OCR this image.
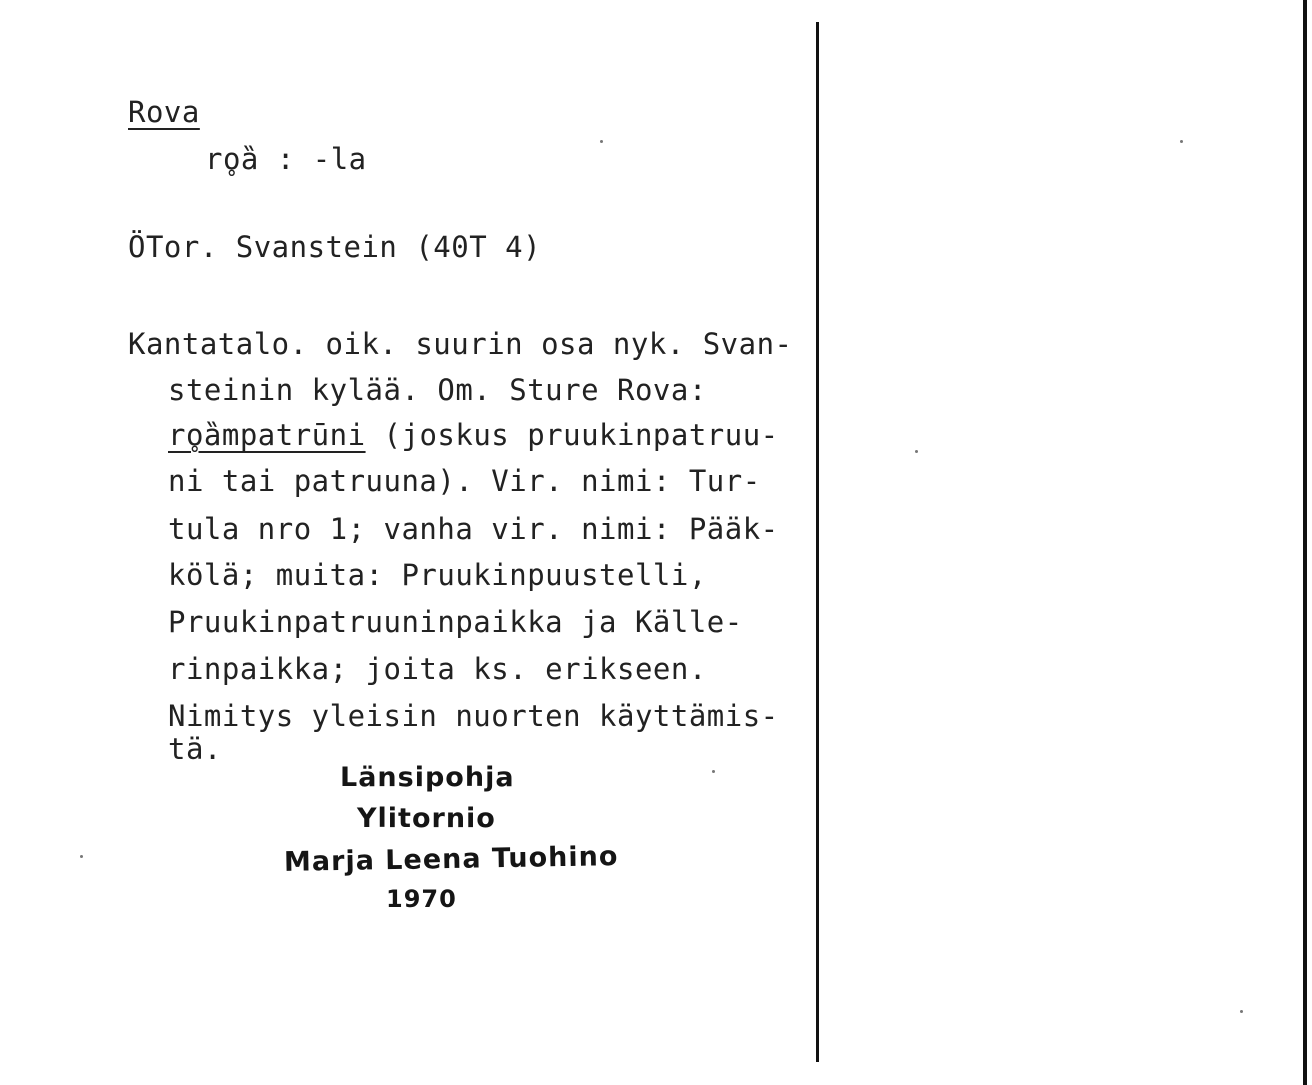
Rova
ro̥ȁ : -la
ÖTor. Svanstein (40T 4)
Kantatalo. oik. suurin osa nyk. Svan-
steinin kylää. Om. Sture Rova:
ro̥ȁmpatrūni (joskus pruukinpatruu-
ni tai patruuna). Vir. nimi: Tur-
tula nro 1; vanha vir. nimi: Pääk-
kölä; muita: Pruukinpuustelli,
Pruukinpatruuninpaikka ja Källe-
rinpaikka; joita ks. erikseen.
Nimitys yleisin nuorten käyttämis-
tä.
Länsipohja
Ylitornio
Marja Leena Tuohino
1970
